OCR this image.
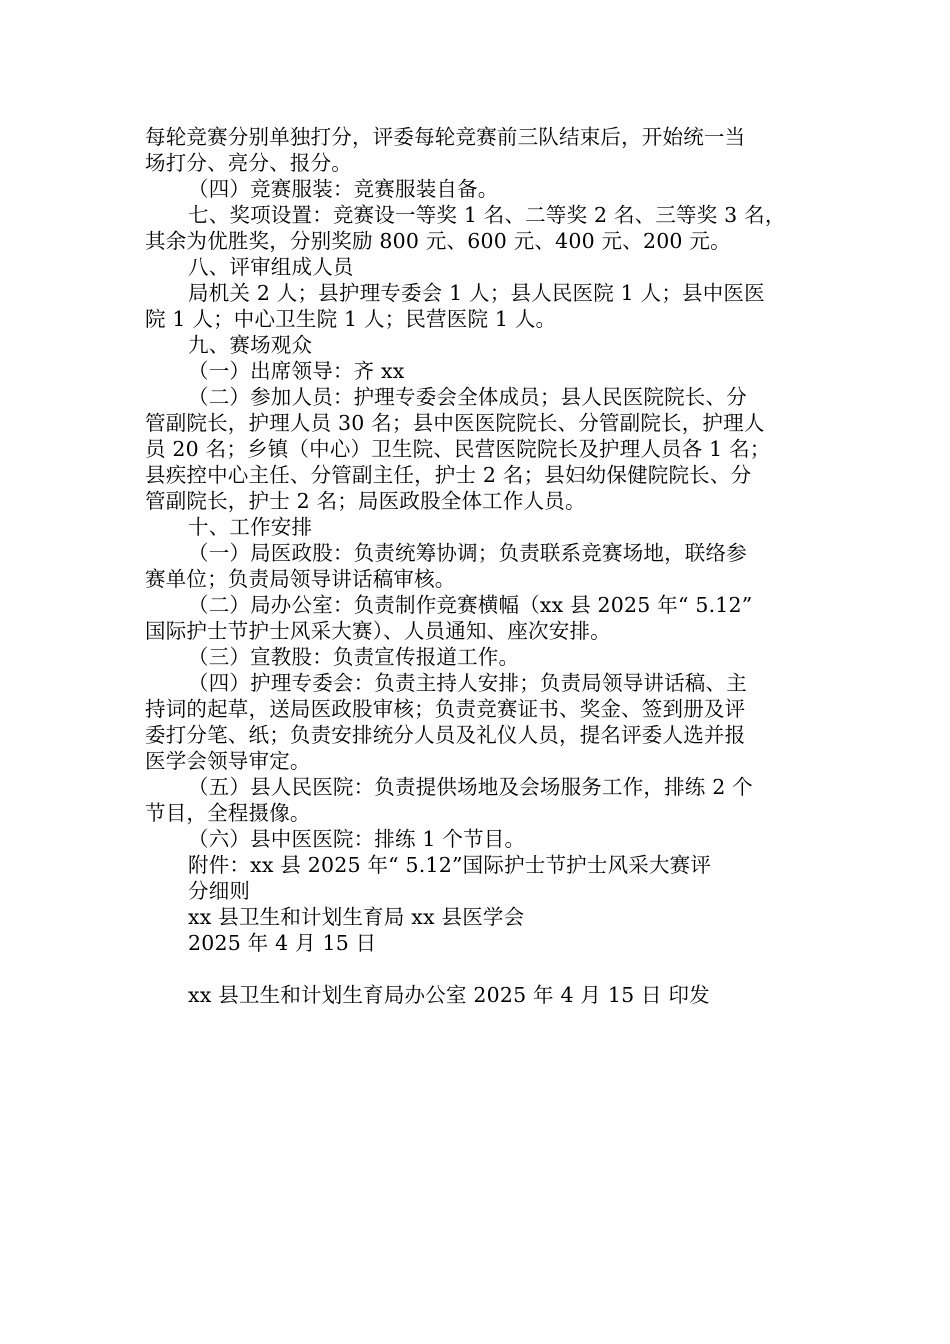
每轮竞赛分别单独打分，评委每轮竞赛前三队结束后，开始统一当
场打分、亮分、报分。
（四）竞赛服装：竞赛服装自备。
七、奖项设置：竞赛设一等奖 1 名、二等奖 2 名、三等奖 3 名，
其余为优胜奖，分别奖励 800 元、600 元、400 元、200 元。
八、评审组成人员
局机关 2 人；县护理专委会 1 人；县人民医院 1 人；县中医医
院 1 人；中心卫生院 1 人；民营医院 1 人。
九、赛场观众
（一）出席领导：齐 xx
（二）参加人员：护理专委会全体成员；县人民医院院长、分
管副院长，护理人员 30 名；县中医医院院长、分管副院长，护理人
员 20 名；乡镇（中心）卫生院、民营医院院长及护理人员各 1 名；
县疾控中心主任、分管副主任，护士 2 名；县妇幼保健院院长、分
管副院长，护士 2 名；局医政股全体工作人员。
十、工作安排
（一）局医政股：负责统筹协调；负责联系竞赛场地，联络参
赛单位；负责局领导讲话稿审核。
（二）局办公室：负责制作竞赛横幅（xx 县 2025 年“ 5.12”
国际护士节护士风采大赛）、人员通知、座次安排。
（三）宣教股：负责宣传报道工作。
（四）护理专委会：负责主持人安排；负责局领导讲话稿、主
持词的起草，送局医政股审核；负责竞赛证书、奖金、签到册及评
委打分笔、纸；负责安排统分人员及礼仪人员，提名评委人选并报
医学会领导审定。
（五）县人民医院：负责提供场地及会场服务工作，排练 2 个
节目，全程摄像。
（六）县中医医院：排练 1 个节目。
附件：xx 县 2025 年“ 5.12”国际护士节护士风采大赛评
分细则
xx 县卫生和计划生育局 xx 县医学会
2025 年 4 月 15 日
xx 县卫生和计划生育局办公室 2025 年 4 月 15 日 印发
